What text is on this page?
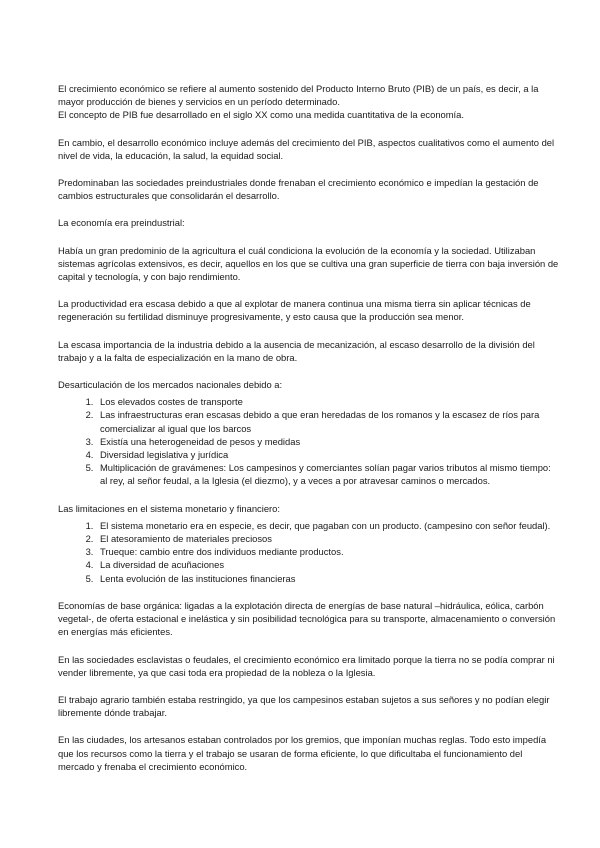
El crecimiento económico se refiere al aumento sostenido del Producto Interno Bruto (PIB) de un país, es decir, a la mayor producción de bienes y servicios en un período determinado.
El concepto de PIB fue desarrollado en el siglo XX como una medida cuantitativa de la economía.

En cambio, el desarrollo económico incluye además del crecimiento del PIB, aspectos cualitativos como el aumento del nivel de vida, la educación, la salud, la equidad social.

Predominaban las sociedades preindustriales donde frenaban el crecimiento económico e impedían la gestación de cambios estructurales que consolidarán el desarrollo.

La economía era preindustrial:

Había un gran predominio de la agricultura el cuál condiciona la evolución de la economía y la sociedad. Utilizaban sistemas agrícolas extensivos, es decir, aquellos en los que se cultiva una gran superficie de tierra con baja inversión de capital y tecnología, y con bajo rendimiento.

La productividad era escasa debido a que al explotar de manera continua una misma tierra sin aplicar técnicas de regeneración su fertilidad disminuye progresivamente, y esto causa que la producción sea menor.

La escasa importancia de la industria debido a la ausencia de mecanización, al escaso desarrollo de la división del trabajo y a la falta de especialización en la mano de obra.

Desarticulación de los mercados nacionales debido a:

1. Los elevados costes de transporte
2. Las infraestructuras eran escasas debido a que eran heredadas de los romanos y la escasez de ríos para comercializar al igual que los barcos
3. Existía una heterogeneidad de pesos y medidas
4. Diversidad legislativa y jurídica
5. Multiplicación de gravámenes: Los campesinos y comerciantes solían pagar varios tributos al mismo tiempo: al rey, al señor feudal, a la Iglesia (el diezmo), y a veces a por atravesar caminos o mercados.

Las limitaciones en el sistema monetario y financiero:

1. El sistema monetario era en especie, es decir, que pagaban con un producto. (campesino con señor feudal).
2. El atesoramiento de materiales preciosos
3. Trueque: cambio entre dos individuos mediante productos.
4. La diversidad de acuñaciones
5. Lenta evolución de las instituciones financieras

Economías de base orgánica: ligadas a la explotación directa de energías de base natural –hidráulica, eólica, carbón vegetal-, de oferta estacional e inelástica y sin posibilidad tecnológica para su transporte, almacenamiento o conversión en energías más eficientes.

En las sociedades esclavistas o feudales, el crecimiento económico era limitado porque la tierra no se podía comprar ni vender libremente, ya que casi toda era propiedad de la nobleza o la Iglesia.

El trabajo agrario también estaba restringido, ya que los campesinos estaban sujetos a sus señores y no podían elegir libremente dónde trabajar.

En las ciudades, los artesanos estaban controlados por los gremios, que imponían muchas reglas. Todo esto impedía que los recursos como la tierra y el trabajo se usaran de forma eficiente, lo que dificultaba el funcionamiento del mercado y frenaba el crecimiento económico.
